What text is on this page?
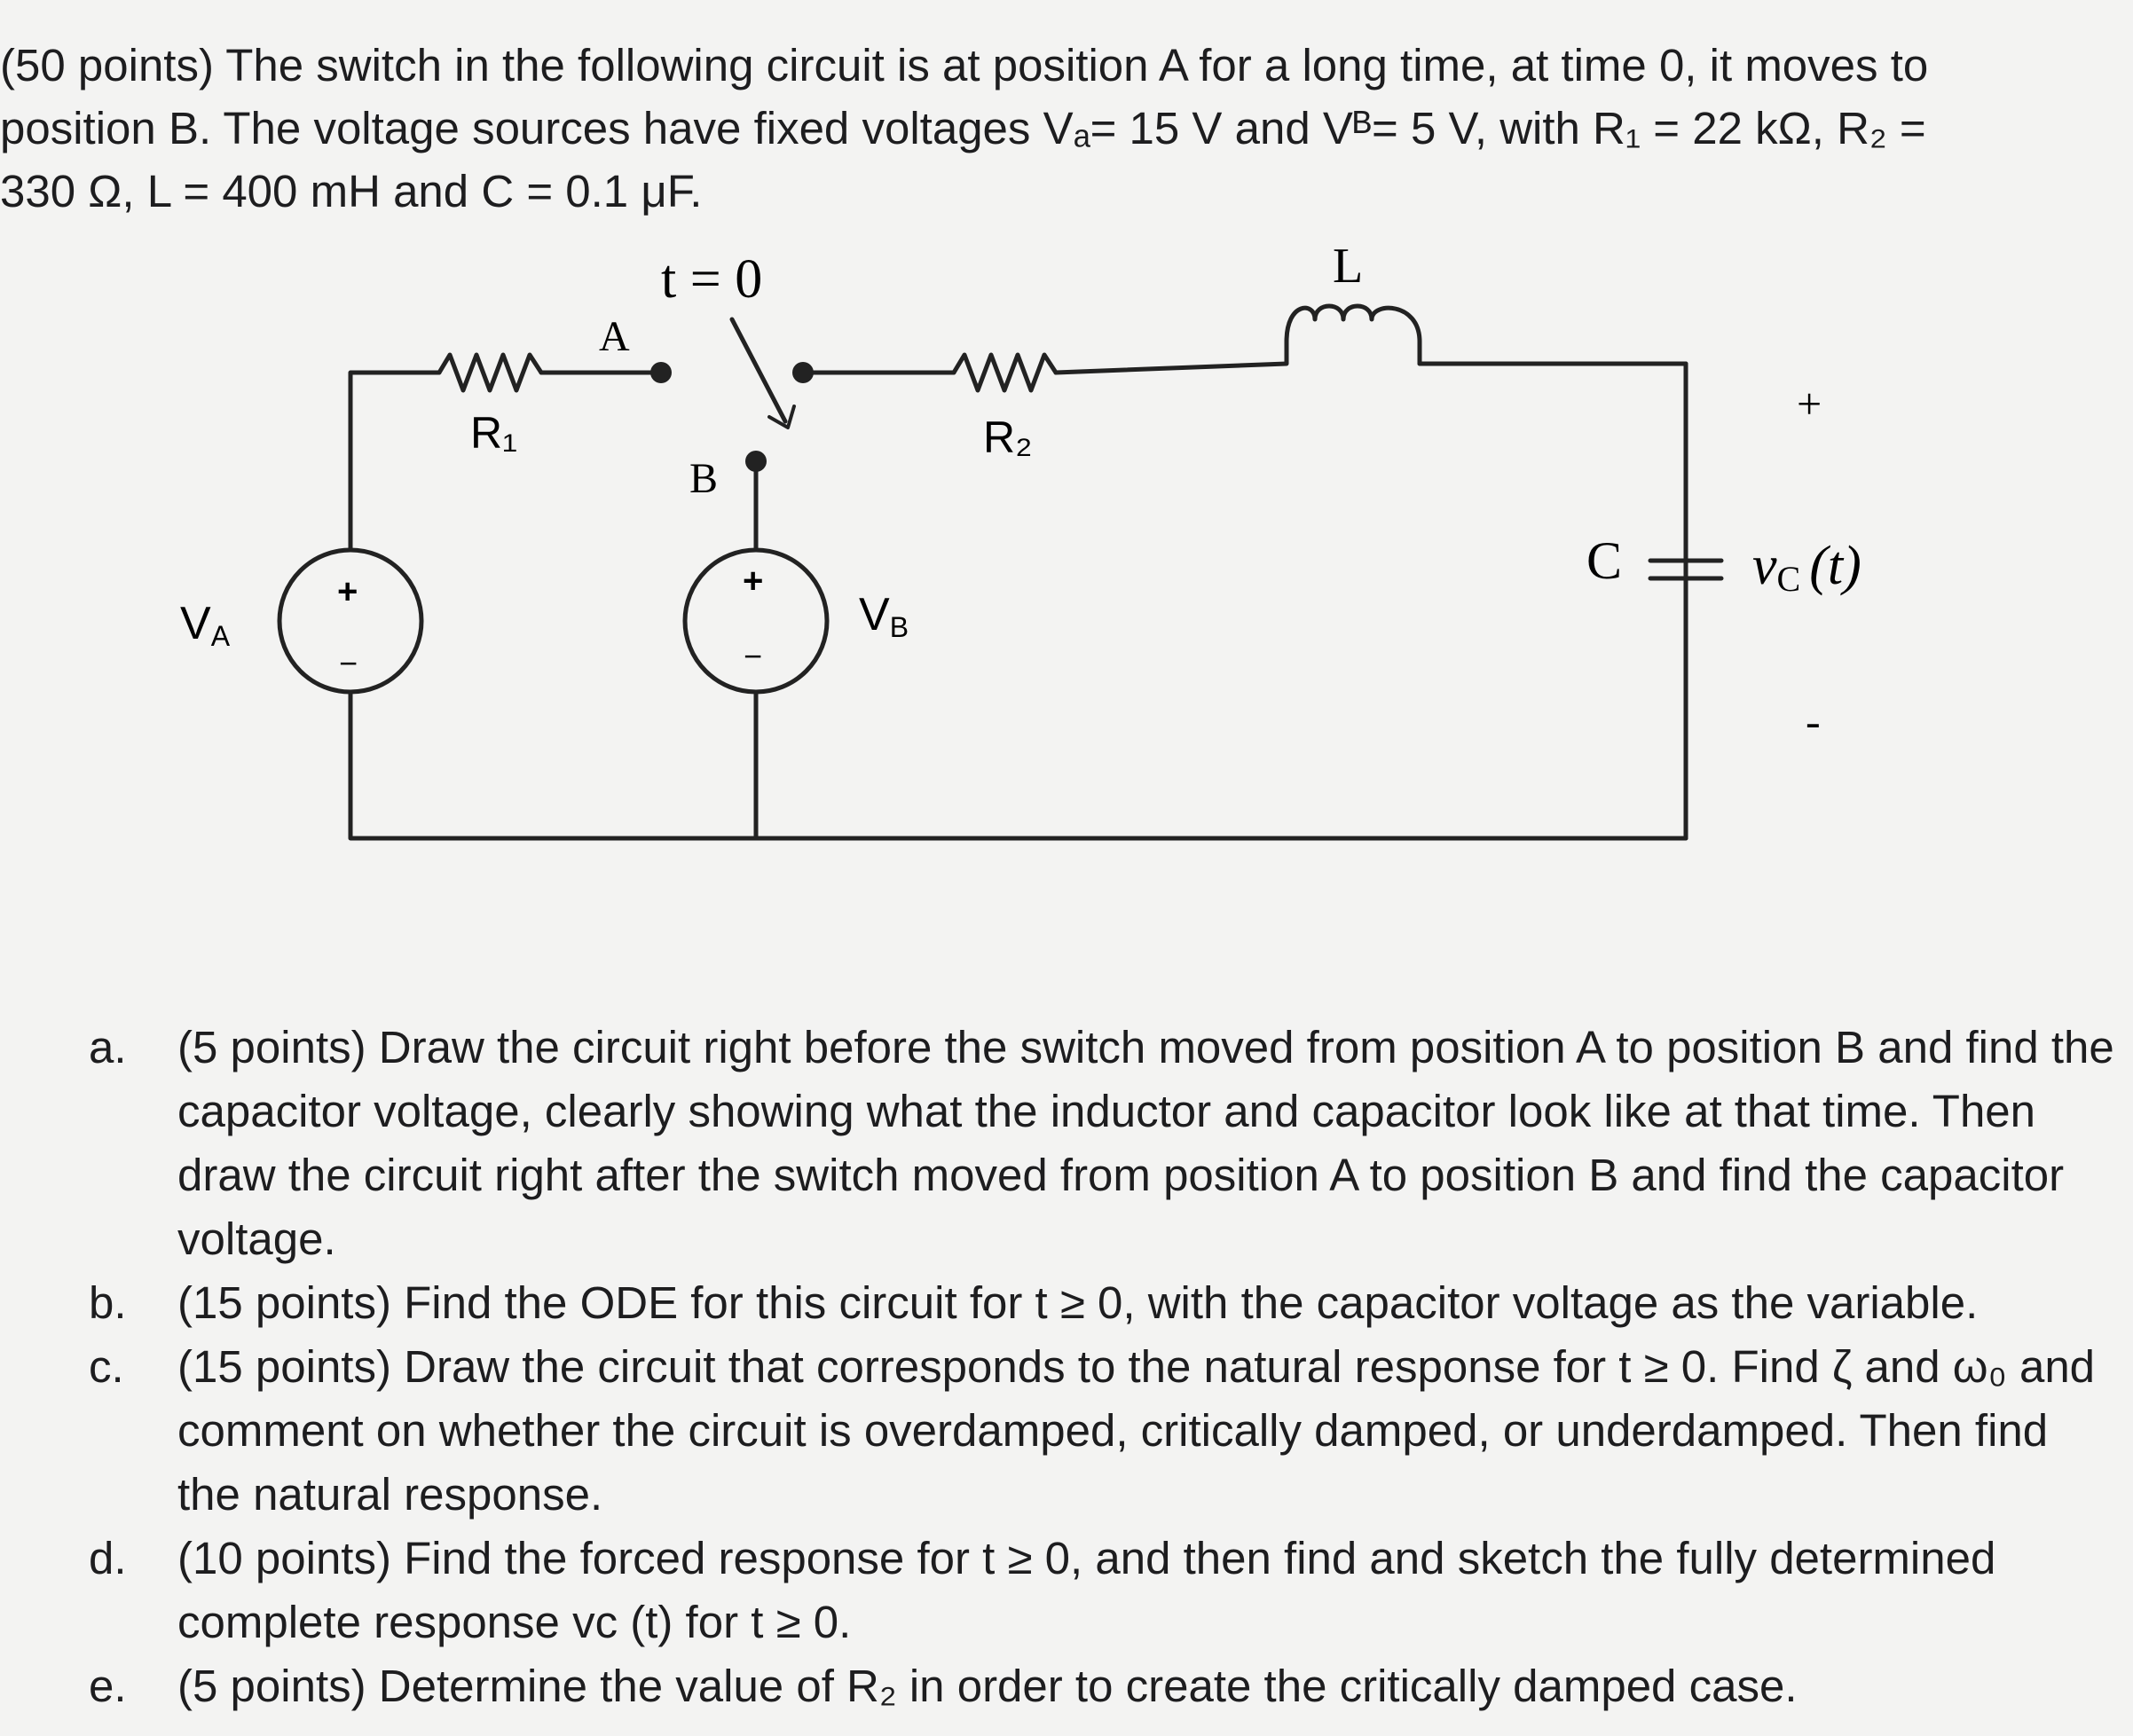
(50 points) The switch in the following circuit is at position A for a long time, at time 0, it moves to
position B. The voltage sources have fixed voltages Vₐ= 15 V and Vᴮ= 5 V, with R₁ = 22 kΩ, R₂ =
330 Ω, L = 400 mH and C = 0.1 μF.
t = 0
A
B
R₁	R₂
L
C
VA	VB
+
−
+
−
+
vC (t)
-
a.	(5 points) Draw the circuit right before the switch moved from position A to position B and find the capacitor voltage, clearly showing what the inductor and capacitor look like at that time. Then draw the circuit right after the switch moved from position A to position B and find the capacitor voltage.
b.	(15 points) Find the ODE for this circuit for t ≥ 0, with the capacitor voltage as the variable.
c.	(15 points) Draw the circuit that corresponds to the natural response for t ≥ 0. Find ζ and ω₀ and comment on whether the circuit is overdamped, critically damped, or underdamped. Then find the natural response.
d.	(10 points) Find the forced response for t ≥ 0, and then find and sketch the fully determined complete response vᴄ (t) for t ≥ 0.
e.	(5 points) Determine the value of R₂ in order to create the critically damped case.
